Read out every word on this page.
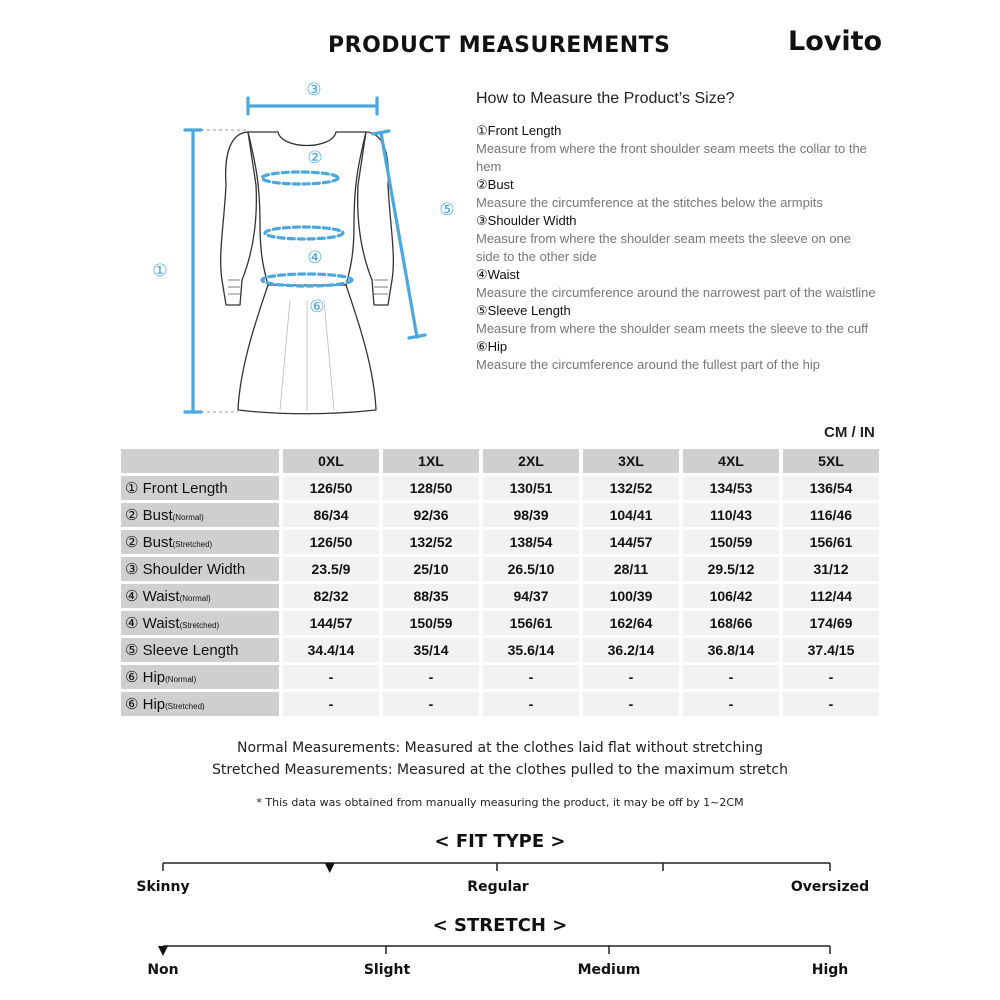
PRODUCT MEASUREMENTS	Lovito
③
②
④
⑥
①
⑤
How to Measure the Product’s Size?
①Front Length
Measure from where the front shoulder seam meets the collar to the hem
②Bust
Measure the circumference at the stitches below the armpits
③Shoulder Width
Measure from where the shoulder seam meets the sleeve on one side to the other side
④Waist
Measure the circumference around the narrowest part of the waistline
⑤Sleeve Length
Measure from where the shoulder seam meets the sleeve to the cuff
⑥Hip
Measure the circumference around the fullest part of the hip
CM / IN
	0XL	1XL	2XL	3XL	4XL	5XL
① Front Length	126/50	128/50	130/51	132/52	134/53	136/54
② Bust(Normal)	86/34	92/36	98/39	104/41	110/43	116/46
② Bust(Stretched)	126/50	132/52	138/54	144/57	150/59	156/61
③ Shoulder Width	23.5/9	25/10	26.5/10	28/11	29.5/12	31/12
④ Waist(Normal)	82/32	88/35	94/37	100/39	106/42	112/44
④ Waist(Stretched)	144/57	150/59	156/61	162/64	168/66	174/69
⑤ Sleeve Length	34.4/14	35/14	35.6/14	36.2/14	36.8/14	37.4/15
⑥ Hip(Normal)	-	-	-	-	-	-
⑥ Hip(Stretched)	-	-	-	-	-	-
Normal Measurements: Measured at the clothes laid flat without stretching
Stretched Measurements: Measured at the clothes pulled to the maximum stretch
* This data was obtained from manually measuring the product, it may be off by 1~2CM
< FIT TYPE >
Skinny	Regular	Oversized
< STRETCH >
Non	Slight	Medium	High
